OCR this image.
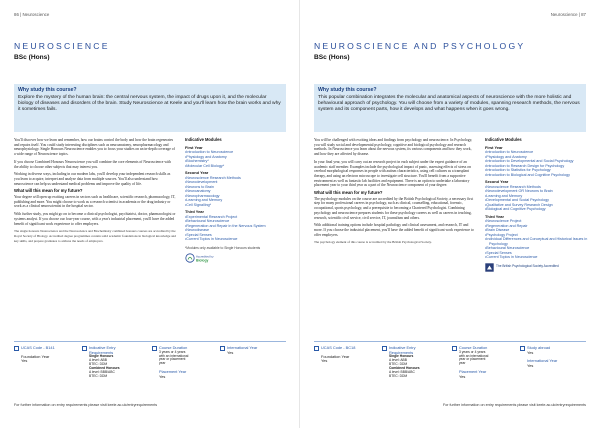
86 | Neuroscience
NEUROSCIENCE
BSc (Hons)
Why study this course?
Explore the mystery of the human brain: the central nervous system, the impact of drugs upon it, and the molecular biology of diseases and disorders of the brain. Study Neuroscience at Keele and you'll learn how the brain works and why it sometimes fails.

You'll discover how we learn and remember, how our brains control the body and how the brain regenerates and repairs itself. You could study interesting disciplines such as neuroanatomy, neuropharmacology and neurophysiology. Single Honours Neuroscience enables you to focus your studies on an in-depth coverage of a wide range of Neuroscience topics.

If you choose Combined Honours Neuroscience you will combine the core elements of Neuroscience with the ability to choose other subjects that may interest you.

Working in diverse ways, including in our modern labs, you'll develop your independent research skills as you learn to acquire, interpret and analyse data from multiple sources. You'll also understand how neuroscience can help us understand medical problems and improve the quality of life.

What will this mean for my future?

Your degree will open up exciting careers in sectors such as healthcare, scientific research, pharmacology, IT, publishing and more. You might choose to work as a research scientist in academia or the drug industry or work as a clinical neuroscientist in the hospital sector.

With further study, you might go on to become a clinical psychologist, psychiatrist, doctor, pharmacologist or systems analyst. If you choose our four-year course, with a year's industrial placement, you'll have the added benefit of significant work experience to offer employers.

The single honours Neuroscience and the Neuroscience and Biochemistry combined honours courses are accredited by the Royal Society of Biology. Accredited degree programmes contain solid academic foundations in biological knowledge and key skills, and prepare graduates to address the needs of employers.

Indicative Modules
First Year
• Introduction to Neuroscience
• Physiology and Anatomy
• Biochemistry*
• Molecular Cell Biology*
Second Year
• Neuroscience Research Methods
• Neurodevelopment
• Neurons to Brain
• Neuroanatomy
• Neuropharmacology
• Learning and Memory
• Cell Signalling*
Third Year
• Experimental Research Project
• Behavioural Neuroscience
• Regeneration and Repair in the Nervous System
• Neurodisease
• Special Senses
• Current Topics in Neuroscience
*Modules only available to Single Honours students
Accredited by
Biology
UCAS Code - B141
Foundation Year
Yes
Indicative Entry Requirements
Single Honours
A level: ABB
BTEC: DDM
Combined Honours
A level: BBB/ABC
BTEC: DDM
Course Duration
3 years or 4 years
with an international
year or placement
year
Placement Year
Yes
International Year
Yes
For further information on entry requirements please visit keele.ac.uk/entryrequirements
Neuroscience | 87
NEUROSCIENCE AND PSYCHOLOGY
BSc (Hons)
Why study this course?
This popular combination integrates the molecular and anatomical aspects of neuroscience with the more holistic and behavioural approach of psychology. You will choose from a variety of modules, spanning research methods, the nervous system and its component parts, how it develops and what happens when it goes wrong.

You will be challenged with exciting ideas and findings from psychology and neuroscience. In Psychology, you will study social and developmental psychology, cognitive and biological psychology and research methods. In Neuroscience you learn about the nervous system, its various components and how they work, and how they are affected by disease.

In your final year, you will carry out an research project in each subject under the expert guidance of an academic staff member. Examples include the psychological impact of panic, assessing effects of stress on cerebral morphological responses in people with autism characteristics, using cell cultures as a transplant therapy, and using an electron microscope to investigate cell structure. You'll benefit from a supportive environment as well as fantastic lab facilities and equipment. There is an option to undertake a laboratory placement year to your third year as a part of the Neuroscience component of your degree.

What will this mean for my future?

The psychology modules on the course are accredited by the British Psychological Society, a necessary first step for many professional careers in psychology, such as clinical, counselling, educational, forensic, occupational, sports psychology, and a prerequisite to becoming a Chartered Psychologist. Combining psychology and neuroscience prepares students for these psychology careers as well as careers in teaching, research, scientific civil service, civil service, IT, journalism and others.

With additional training options include hospital pathology and clinical assessment, and research, IT and more. If you choose the industrial placement, you'll have the added benefit of significant work experience to offer employers.

The psychology element of this course is accredited by the British Psychological Society.

Indicative Modules
First Year
• Introduction to Neuroscience
• Physiology and Anatomy
• Introduction to Developmental and Social Psychology
• Introduction to Research Design for Psychology
• Introduction to Statistics for Psychology
• Introduction to Biological and Cognitive Psychology
Second Year
• Neuroscience Research Methods
• Neurodevelopment OR Neurons to Brain
• Learning and Memory
• Developmental and Social Psychology
• Qualitative and Survey Research Design
• Biological and Cognitive Psychology
Third Year
• Neuroscience Project
• Regeneration and Repair
• Brain Disease
• Psychology Project
• Individual Differences and Conceptual and Historical Issues in Psychology
• Behavioural Neuroscience
• Special Senses
• Current Topics in Neuroscience
The British Psychological Society Accredited
UCAS Code - BC18
Foundation Year
Yes
Indicative Entry Requirements
Single Honours
A level: ABB
BTEC: DDM
Combined Honours
A level: BBB/ABC
BTEC: DDM
Course Duration
3 years or 4 years
with an international
year or placement
year
Placement Year
Yes
Study abroad
Yes
International Year
Yes
For further information on entry requirements please visit keele.ac.uk/entryrequirements
